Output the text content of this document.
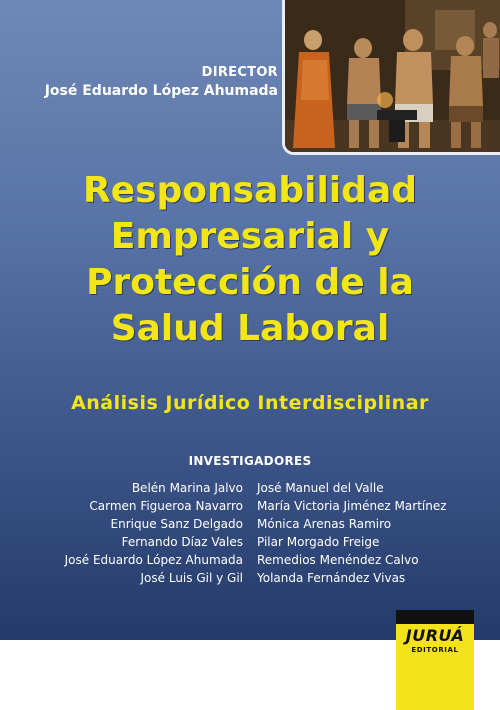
DIRECTOR
José Eduardo López Ahumada
Responsabilidad
Empresarial y
Protección de la
Salud Laboral
Análisis Jurídico Interdisciplinar
INVESTIGADORES
Belén Marina Jalvo
Carmen Figueroa Navarro
Enrique Sanz Delgado
Fernando Díaz Vales
José Eduardo López Ahumada
José Luis Gil y Gil
José Manuel del Valle
María Victoria Jiménez Martínez
Mónica Arenas Ramiro
Pilar Morgado Freige
Remedios Menéndez Calvo
Yolanda Fernández Vivas
JURUÁ
EDITORIAL
